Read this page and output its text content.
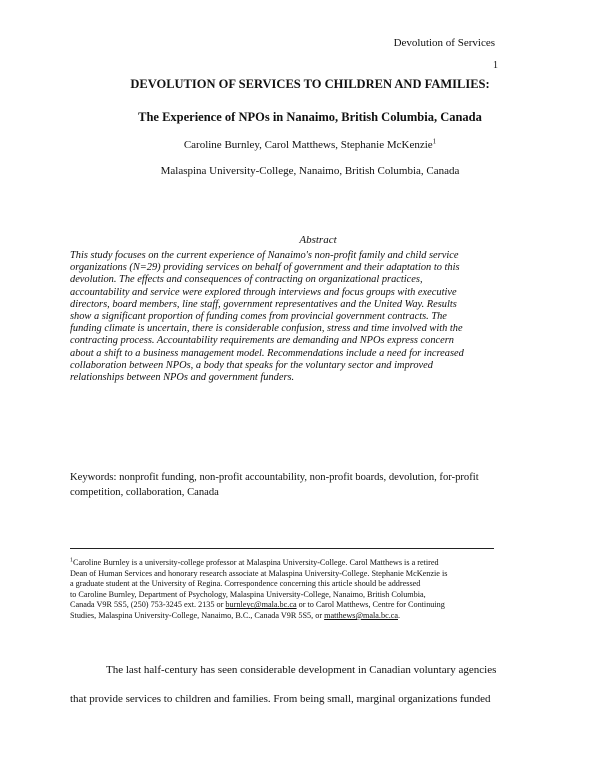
Devolution of Services
1
DEVOLUTION OF SERVICES TO CHILDREN AND FAMILIES:
The Experience of NPOs in Nanaimo, British Columbia, Canada
Caroline Burnley, Carol Matthews, Stephanie McKenzie$^1$
Malaspina University-College, Nanaimo, British Columbia, Canada
Abstract
This study focuses on the current experience of Nanaimo's non-profit family and child service
organizations (N=29) providing services on behalf of government and their adaptation to this
devolution. The effects and consequences of contracting on organizational practices,
accountability and service were explored through interviews and focus groups with executive
directors, board members, line staff, government representatives and the United Way. Results
show a significant proportion of funding comes from provincial government contracts. The
funding climate is uncertain, there is considerable confusion, stress and time involved with the
contracting process. Accountability requirements are demanding and NPOs express concern
about a shift to a business management model. Recommendations include a need for increased
collaboration between NPOs, a body that speaks for the voluntary sector and improved
relationships between NPOs and government funders.
Keywords: nonprofit funding, non-profit accountability, non-profit boards, devolution, for-profit
competition, collaboration, Canada
$^1$Caroline Burnley is a university-college professor at Malaspina University-College. Carol Matthews is a retired
Dean of Human Services and honorary research associate at Malaspina University-College. Stephanie McKenzie is
a graduate student at the University of Regina. Correspondence concerning this article should be addressed
to Caroline Burnley, Department of Psychology, Malaspina University-College, Nanaimo, British Columbia,
Canada V9R 5S5, (250) 753-3245 ext. 2135 or burnleyc@mala.bc.ca or to Carol Matthews, Centre for Continuing
Studies, Malaspina University-College, Nanaimo, B.C., Canada V9R 5S5, or matthews@mala.bc.ca.
The last half-century has seen considerable development in Canadian voluntary agencies
that provide services to children and families. From being small, marginal organizations funded
